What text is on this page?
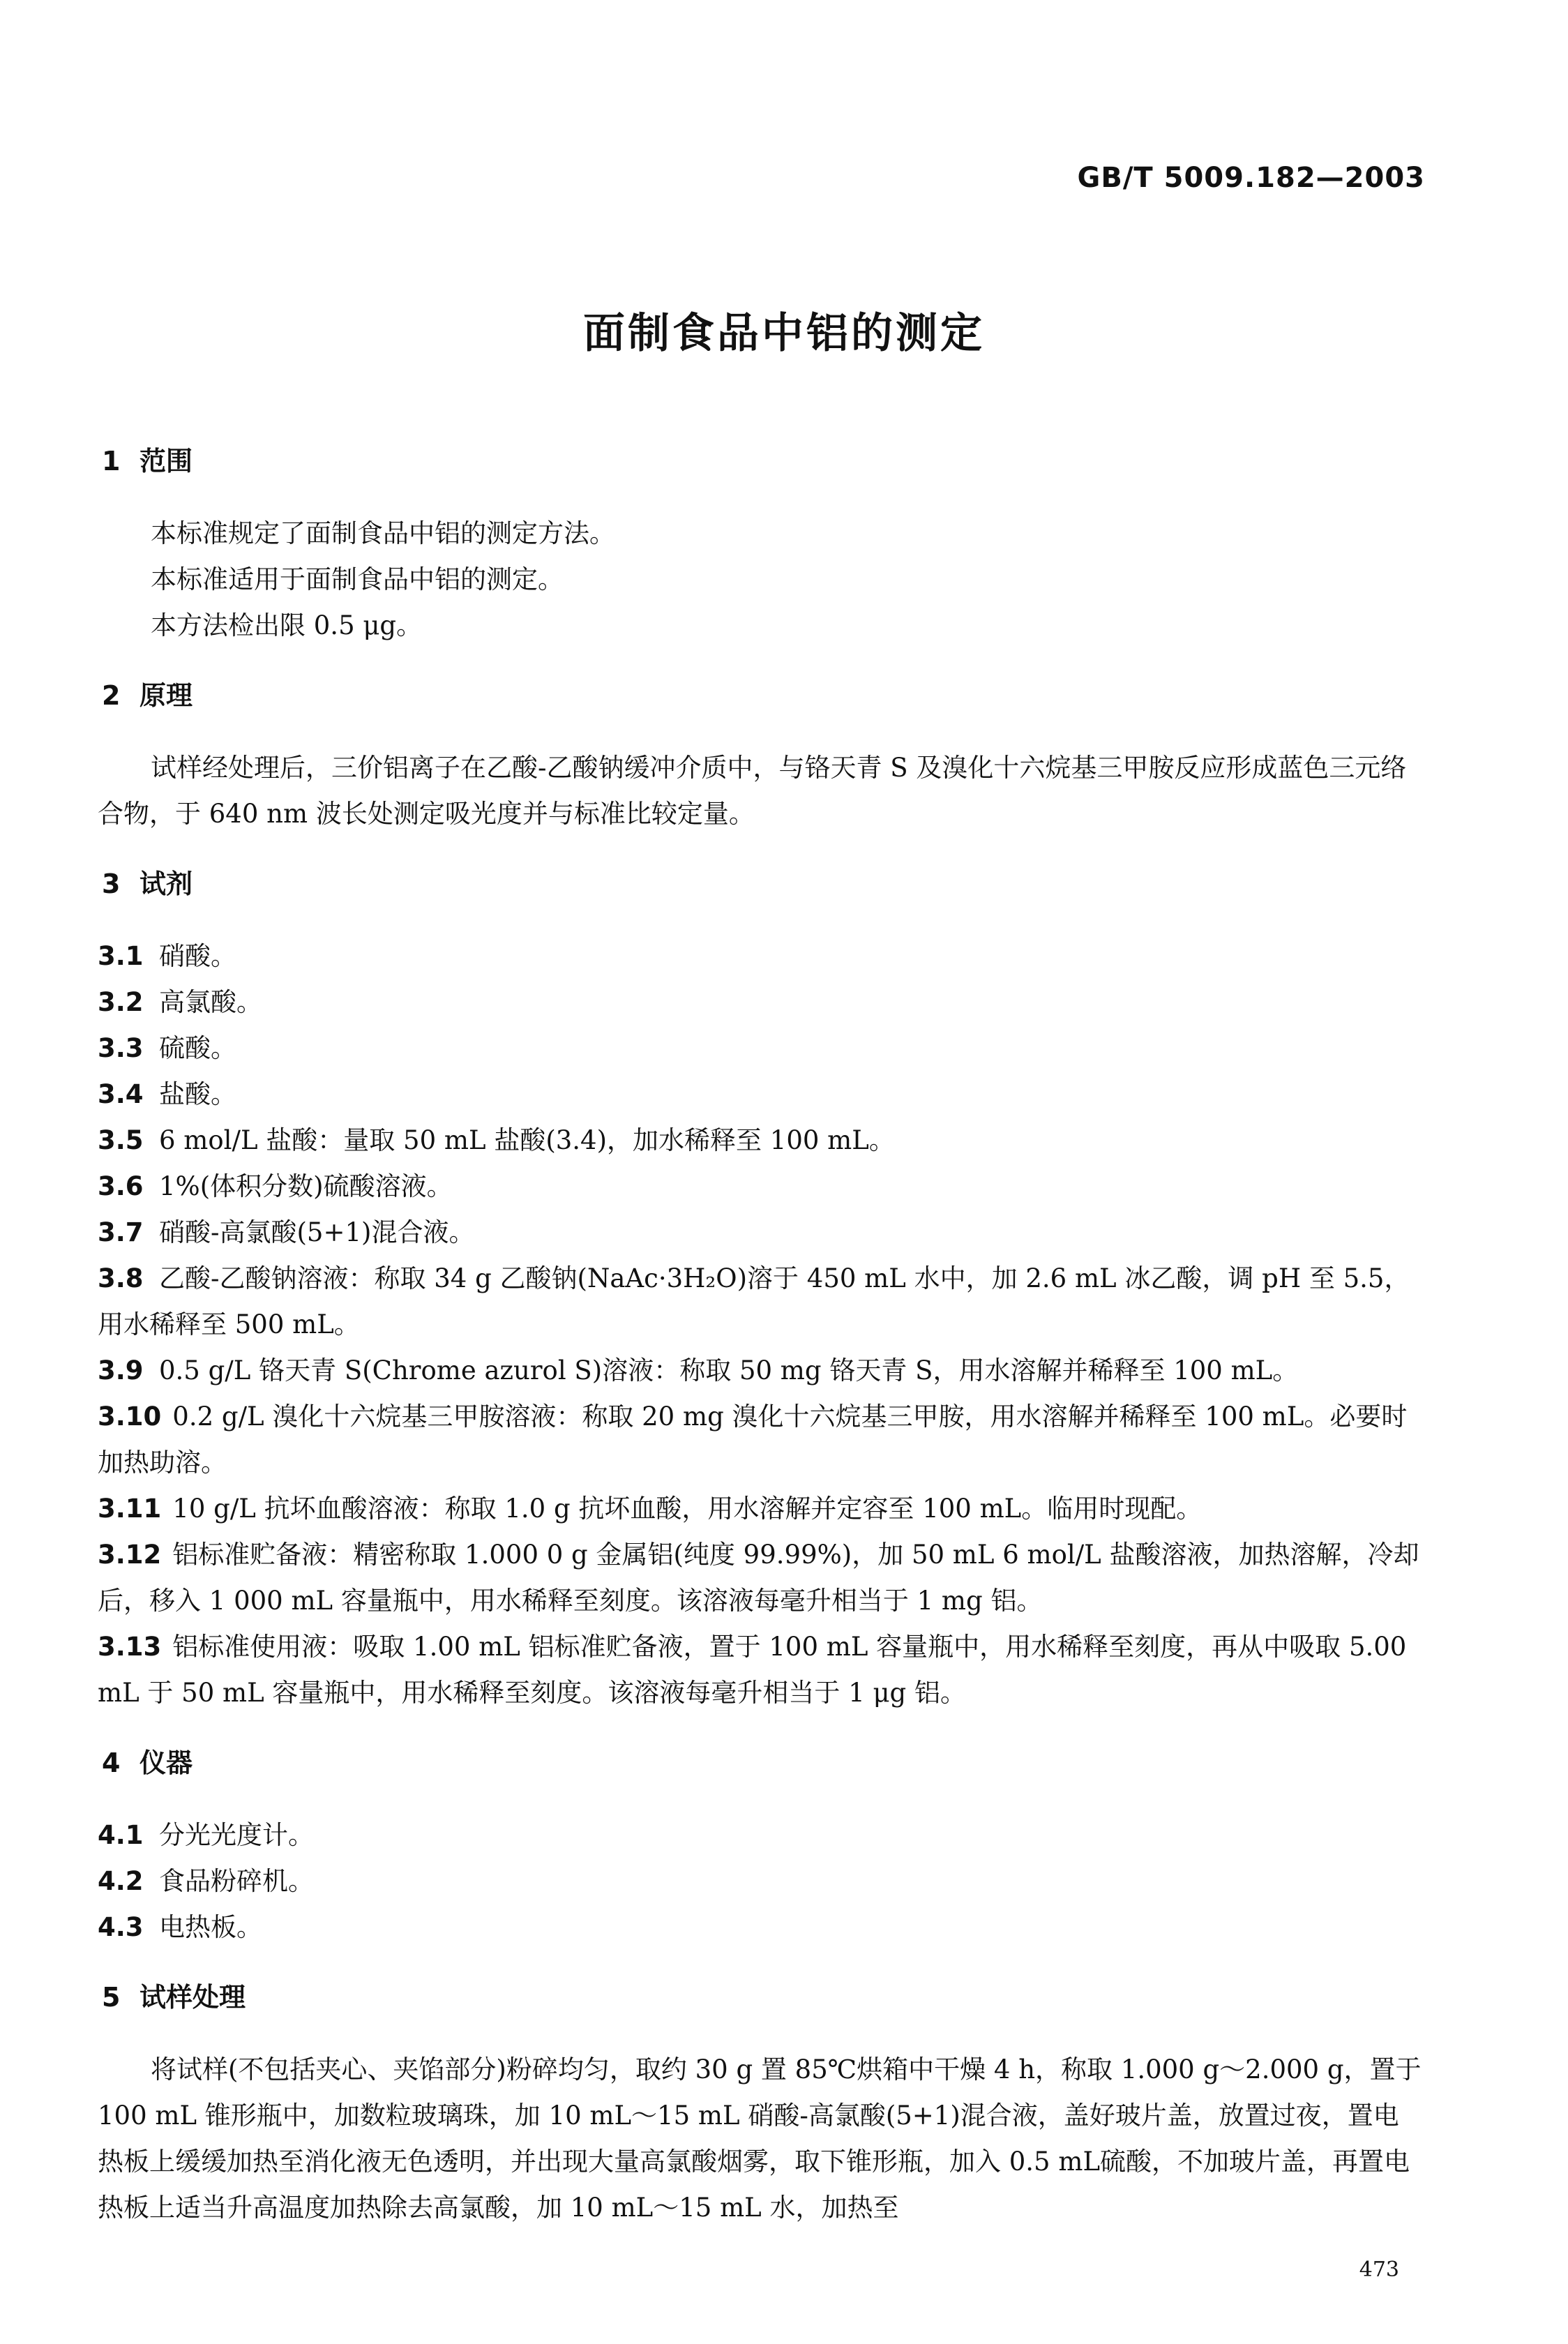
GB/T 5009.182—2003
面制食品中铝的测定
1 范围

本标准规定了面制食品中铝的测定方法。

本标准适用于面制食品中铝的测定。

本方法检出限 0.5 μg。

2 原理

试样经处理后，三价铝离子在乙酸-乙酸钠缓冲介质中，与铬天青 S 及溴化十六烷基三甲胺反应形成蓝色三元络合物，于 640 nm 波长处测定吸光度并与标准比较定量。

3 试剂

3.1 硝酸。

3.2 高氯酸。

3.3 硫酸。

3.4 盐酸。

3.5 6 mol/L 盐酸：量取 50 mL 盐酸(3.4)，加水稀释至 100 mL。

3.6 1%(体积分数)硫酸溶液。

3.7 硝酸-高氯酸(5+1)混合液。

3.8 乙酸-乙酸钠溶液：称取 34 g 乙酸钠(NaAc·3H₂O)溶于 450 mL 水中，加 2.6 mL 冰乙酸，调 pH 至 5.5，用水稀释至 500 mL。

3.9 0.5 g/L 铬天青 S(Chrome azurol S)溶液：称取 50 mg 铬天青 S，用水溶解并稀释至 100 mL。

3.10 0.2 g/L 溴化十六烷基三甲胺溶液：称取 20 mg 溴化十六烷基三甲胺，用水溶解并稀释至 100 mL。必要时加热助溶。

3.11 10 g/L 抗坏血酸溶液：称取 1.0 g 抗坏血酸，用水溶解并定容至 100 mL。临用时现配。

3.12 铝标准贮备液：精密称取 1.000 0 g 金属铝(纯度 99.99%)，加 50 mL 6 mol/L 盐酸溶液，加热溶解，冷却后，移入 1 000 mL 容量瓶中，用水稀释至刻度。该溶液每毫升相当于 1 mg 铝。

3.13 铝标准使用液：吸取 1.00 mL 铝标准贮备液，置于 100 mL 容量瓶中，用水稀释至刻度，再从中吸取 5.00 mL 于 50 mL 容量瓶中，用水稀释至刻度。该溶液每毫升相当于 1 μg 铝。

4 仪器

4.1 分光光度计。

4.2 食品粉碎机。

4.3 电热板。

5 试样处理

将试样(不包括夹心、夹馅部分)粉碎均匀，取约 30 g 置 85℃烘箱中干燥 4 h，称取 1.000 g～2.000 g，置于 100 mL 锥形瓶中，加数粒玻璃珠，加 10 mL～15 mL 硝酸-高氯酸(5+1)混合液，盖好玻片盖，放置过夜，置电热板上缓缓加热至消化液无色透明，并出现大量高氯酸烟雾，取下锥形瓶，加入 0.5 mL硫酸，不加玻片盖，再置电热板上适当升高温度加热除去高氯酸，加 10 mL～15 mL 水，加热至

473
